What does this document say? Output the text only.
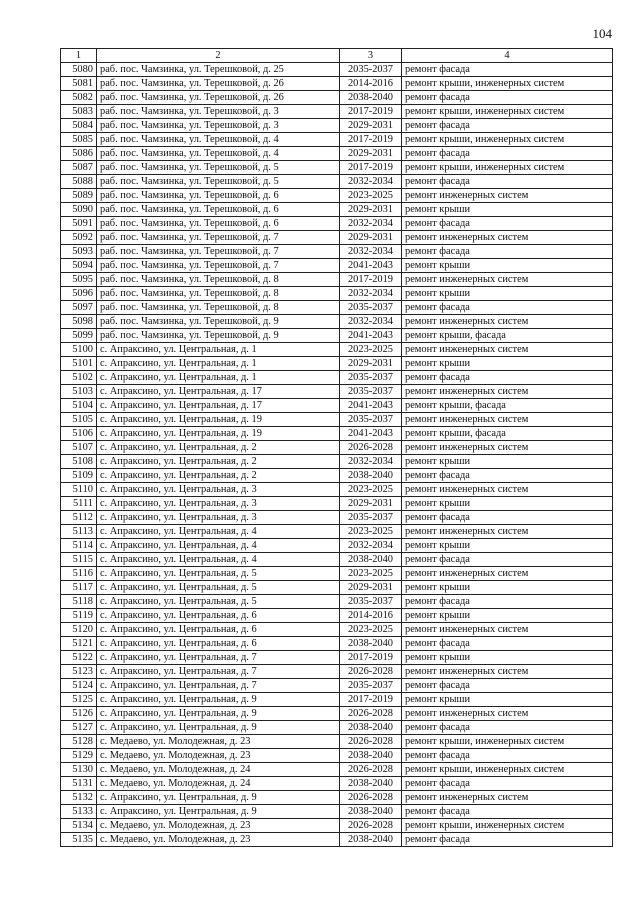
104
1	2	3	4
5080	раб. пос. Чамзинка, ул. Терешковой, д. 25	2035-2037	ремонт фасада
5081	раб. пос. Чамзинка, ул. Терешковой, д. 26	2014-2016	ремонт крыши, инженерных систем
5082	раб. пос. Чамзинка, ул. Терешковой, д. 26	2038-2040	ремонт фасада
5083	раб. пос. Чамзинка, ул. Терешковой, д. 3	2017-2019	ремонт крыши, инженерных систем
5084	раб. пос. Чамзинка, ул. Терешковой, д. 3	2029-2031	ремонт фасада
5085	раб. пос. Чамзинка, ул. Терешковой, д. 4	2017-2019	ремонт крыши, инженерных систем
5086	раб. пос. Чамзинка, ул. Терешковой, д. 4	2029-2031	ремонт фасада
5087	раб. пос. Чамзинка, ул. Терешковой, д. 5	2017-2019	ремонт крыши, инженерных систем
5088	раб. пос. Чамзинка, ул. Терешковой, д. 5	2032-2034	ремонт фасада
5089	раб. пос. Чамзинка, ул. Терешковой, д. 6	2023-2025	ремонт инженерных систем
5090	раб. пос. Чамзинка, ул. Терешковой, д. 6	2029-2031	ремонт крыши
5091	раб. пос. Чамзинка, ул. Терешковой, д. 6	2032-2034	ремонт фасада
5092	раб. пос. Чамзинка, ул. Терешковой, д. 7	2029-2031	ремонт инженерных систем
5093	раб. пос. Чамзинка, ул. Терешковой, д. 7	2032-2034	ремонт фасада
5094	раб. пос. Чамзинка, ул. Терешковой, д. 7	2041-2043	ремонт крыши
5095	раб. пос. Чамзинка, ул. Терешковой, д. 8	2017-2019	ремонт инженерных систем
5096	раб. пос. Чамзинка, ул. Терешковой, д. 8	2032-2034	ремонт крыши
5097	раб. пос. Чамзинка, ул. Терешковой, д. 8	2035-2037	ремонт фасада
5098	раб. пос. Чамзинка, ул. Терешковой, д. 9	2032-2034	ремонт инженерных систем
5099	раб. пос. Чамзинка, ул. Терешковой, д. 9	2041-2043	ремонт крыши, фасада
5100	с. Апраксино, ул. Центральная, д. 1	2023-2025	ремонт инженерных систем
5101	с. Апраксино, ул. Центральная, д. 1	2029-2031	ремонт крыши
5102	с. Апраксино, ул. Центральная, д. 1	2035-2037	ремонт фасада
5103	с. Апраксино, ул. Центральная, д. 17	2035-2037	ремонт инженерных систем
5104	с. Апраксино, ул. Центральная, д. 17	2041-2043	ремонт крыши, фасада
5105	с. Апраксино, ул. Центральная, д. 19	2035-2037	ремонт инженерных систем
5106	с. Апраксино, ул. Центральная, д. 19	2041-2043	ремонт крыши, фасада
5107	с. Апраксино, ул. Центральная, д. 2	2026-2028	ремонт инженерных систем
5108	с. Апраксино, ул. Центральная, д. 2	2032-2034	ремонт крыши
5109	с. Апраксино, ул. Центральная, д. 2	2038-2040	ремонт фасада
5110	с. Апраксино, ул. Центральная, д. 3	2023-2025	ремонт инженерных систем
5111	с. Апраксино, ул. Центральная, д. 3	2029-2031	ремонт крыши
5112	с. Апраксино, ул. Центральная, д. 3	2035-2037	ремонт фасада
5113	с. Апраксино, ул. Центральная, д. 4	2023-2025	ремонт инженерных систем
5114	с. Апраксино, ул. Центральная, д. 4	2032-2034	ремонт крыши
5115	с. Апраксино, ул. Центральная, д. 4	2038-2040	ремонт фасада
5116	с. Апраксино, ул. Центральная, д. 5	2023-2025	ремонт инженерных систем
5117	с. Апраксино, ул. Центральная, д. 5	2029-2031	ремонт крыши
5118	с. Апраксино, ул. Центральная, д. 5	2035-2037	ремонт фасада
5119	с. Апраксино, ул. Центральная, д. 6	2014-2016	ремонт крыши
5120	с. Апраксино, ул. Центральная, д. 6	2023-2025	ремонт инженерных систем
5121	с. Апраксино, ул. Центральная, д. 6	2038-2040	ремонт фасада
5122	с. Апраксино, ул. Центральная, д. 7	2017-2019	ремонт крыши
5123	с. Апраксино, ул. Центральная, д. 7	2026-2028	ремонт инженерных систем
5124	с. Апраксино, ул. Центральная, д. 7	2035-2037	ремонт фасада
5125	с. Апраксино, ул. Центральная, д. 9	2017-2019	ремонт крыши
5126	с. Апраксино, ул. Центральная, д. 9	2026-2028	ремонт инженерных систем
5127	с. Апраксино, ул. Центральная, д. 9	2038-2040	ремонт фасада
5128	с. Медаево, ул. Молодежная, д. 23	2026-2028	ремонт крыши, инженерных систем
5129	с. Медаево, ул. Молодежная, д. 23	2038-2040	ремонт фасада
5130	с. Медаево, ул. Молодежная, д. 24	2026-2028	ремонт крыши, инженерных систем
5131	с. Медаево, ул. Молодежная, д. 24	2038-2040	ремонт фасада
5132	с. Апраксино, ул. Центральная, д. 9	2026-2028	ремонт инженерных систем
5133	с. Апраксино, ул. Центральная, д. 9	2038-2040	ремонт фасада
5134	с. Медаево, ул. Молодежная, д. 23	2026-2028	ремонт крыши, инженерных систем
5135	с. Медаево, ул. Молодежная, д. 23	2038-2040	ремонт фасада
